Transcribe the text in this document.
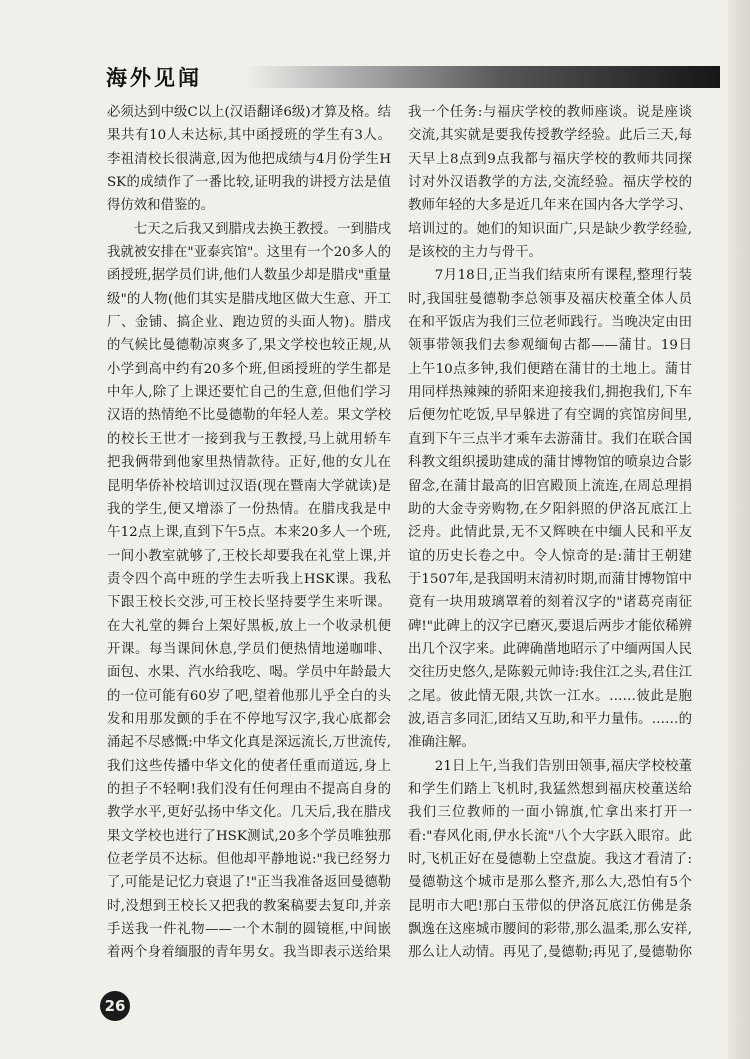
海外见闻

必须达到中级C以上(汉语翻译6级)才算及格。结果共有10人未达标,其中函授班的学生有3人。李祖清校长很满意,因为他把成绩与4月份学生HSK的成绩作了一番比较,证明我的讲授方法是值得仿效和借鉴的。

七天之后我又到腊戌去换王教授。一到腊戌我就被安排在"亚泰宾馆"。这里有一个20多人的函授班,据学员们讲,他们人数虽少却是腊戌"重量级"的人物(他们其实是腊戌地区做大生意、开工厂、金铺、搞企业、跑边贸的头面人物)。腊戌的气候比曼德勒凉爽多了,果文学校也较正规,从小学到高中约有20多个班,但函授班的学生都是中年人,除了上课还要忙自己的生意,但他们学习汉语的热情绝不比曼德勒的年轻人差。果文学校的校长王世才一接到我与王教授,马上就用轿车把我俩带到他家里热情款待。正好,他的女儿在昆明华侨补校培训过汉语(现在暨南大学就读)是我的学生,便又增添了一份热情。在腊戌我是中午12点上课,直到下午5点。本来20多人一个班,一间小教室就够了,王校长却要我在礼堂上课,并责令四个高中班的学生去听我上HSK课。我私下跟王校长交涉,可王校长坚持要学生来听课。在大礼堂的舞台上架好黑板,放上一个收录机便开课。每当课间休息,学员们便热情地递咖啡、面包、水果、汽水给我吃、喝。学员中年龄最大的一位可能有60岁了吧,望着他那儿乎全白的头发和用那发颤的手在不停地写汉字,我心底都会涌起不尽感慨:中华文化真是深远流长,万世流传,我们这些传播中华文化的使者任重而道远,身上的担子不轻啊!我们没有任何理由不提高自身的教学水平,更好弘扬中华文化。几天后,我在腊戌果文学校也进行了HSK测试,20多个学员唯独那位老学员不达标。但他却平静地说:"我已经努力了,可能是记忆力衰退了!"正当我准备返回曼德勒时,没想到王校长又把我的教案稿要去复印,并亲手送我一件礼物——一个木制的圆镜框,中间嵌着两个身着缅服的青年男女。我当即表示送给果

我一个任务:与福庆学校的教师座谈。说是座谈交流,其实就是要我传授教学经验。此后三天,每天早上8点到9点我都与福庆学校的教师共同探讨对外汉语教学的方法,交流经验。福庆学校的教师年轻的大多是近几年来在国内各大学学习、培训过的。她们的知识面广,只是缺少教学经验,是该校的主力与骨干。

7月18日,正当我们结束所有课程,整理行装时,我国驻曼德勒李总领事及福庆校董全体人员在和平饭店为我们三位老师践行。当晚决定由田领事带领我们去参观缅甸古都——蒲甘。19日上午10点多钟,我们便踏在蒲甘的土地上。蒲甘用同样热辣辣的骄阳来迎接我们,拥抱我们,下车后便勿忙吃饭,早早躲进了有空调的宾馆房间里,直到下午三点半才乘车去游蒲甘。我们在联合国科教文组织援助建成的蒲甘博物馆的喷泉边合影留念,在蒲甘最高的旧宫殿顶上流连,在周总理捐助的大金寺旁购物,在夕阳斜照的伊洛瓦底江上泛舟。此情此景,无不又辉映在中缅人民和平友谊的历史长卷之中。令人惊奇的是:蒲甘王朝建于1507年,是我国明末清初时期,而蒲甘博物馆中竟有一块用玻璃罩着的刻着汉字的"诸葛亮南征碑!"此碑上的汉字已磨灭,要退后两步才能依稀辨出几个汉字来。此碑确凿地昭示了中缅两国人民交往历史悠久,是陈毅元帅诗:我住江之头,君住江之尾。彼此情无限,共饮一江水。……彼此是胞波,语言多同汇,团结又互助,和平力量伟。……的准确注解。

21日上午,当我们告别田领事,福庆学校校董和学生们踏上飞机时,我猛然想到福庆校董送给我们三位教师的一面小锦旗,忙拿出来打开一看:"春风化雨,伊水长流"八个大字跃入眼帘。此时,飞机正好在曼德勒上空盘旋。我这才看清了:曼德勒这个城市是那么整齐,那么大,恐怕有5个昆明市大吧!那白玉带似的伊洛瓦底江仿佛是条飘逸在这座城市腰间的彩带,那么温柔,那么安祥,那么让人动情。再见了,曼德勒;再见了,曼德勒你

26
